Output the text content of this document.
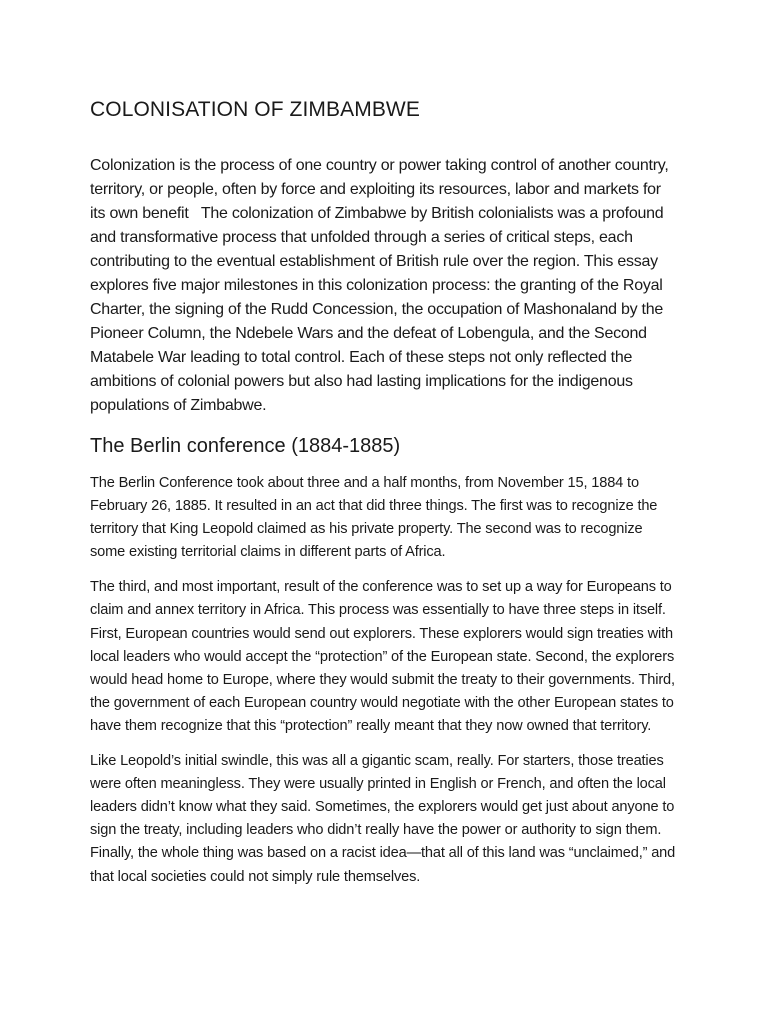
COLONISATION OF ZIMBAMBWE

Colonization is the process of one country or power taking control of another country, territory, or people, often by force and exploiting its resources, labor and markets for its own benefit   The colonization of Zimbabwe by British colonialists was a profound and transformative process that unfolded through a series of critical steps, each contributing to the eventual establishment of British rule over the region. This essay explores five major milestones in this colonization process: the granting of the Royal Charter, the signing of the Rudd Concession, the occupation of Mashonaland by the Pioneer Column, the Ndebele Wars and the defeat of Lobengula, and the Second Matabele War leading to total control. Each of these steps not only reflected the ambitions of colonial powers but also had lasting implications for the indigenous populations of Zimbabwe.

The Berlin conference (1884-1885)

The Berlin Conference took about three and a half months, from November 15, 1884 to February 26, 1885. It resulted in an act that did three things. The first was to recognize the territory that King Leopold claimed as his private property. The second was to recognize some existing territorial claims in different parts of Africa.

The third, and most important, result of the conference was to set up a way for Europeans to claim and annex territory in Africa. This process was essentially to have three steps in itself. First, European countries would send out explorers. These explorers would sign treaties with local leaders who would accept the “protection” of the European state. Second, the explorers would head home to Europe, where they would submit the treaty to their governments. Third, the government of each European country would negotiate with the other European states to have them recognize that this “protection” really meant that they now owned that territory.

Like Leopold’s initial swindle, this was all a gigantic scam, really. For starters, those treaties were often meaningless. They were usually printed in English or French, and often the local leaders didn’t know what they said. Sometimes, the explorers would get just about anyone to sign the treaty, including leaders who didn’t really have the power or authority to sign them. Finally, the whole thing was based on a racist idea—that all of this land was “unclaimed,” and that local societies could not simply rule themselves.
